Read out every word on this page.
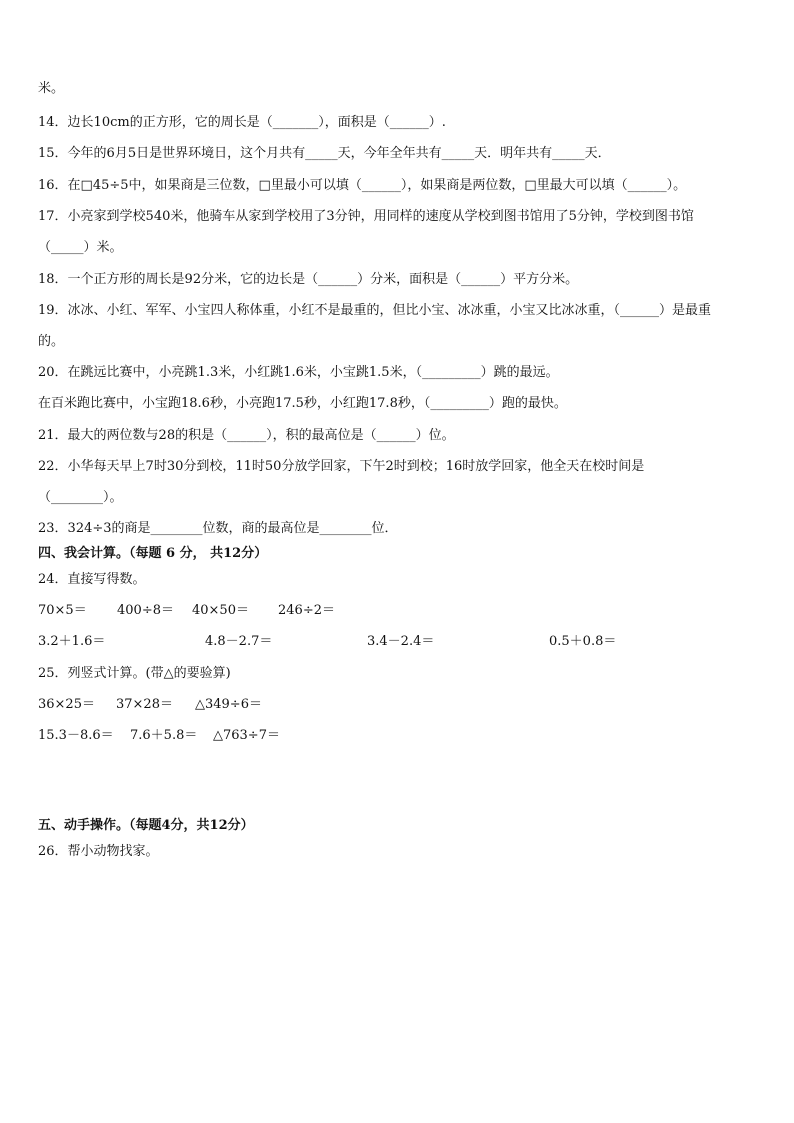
米。
14．边长10cm的正方形，它的周长是（_______），面积是（______）.
15．今年的6月5日是世界环境日，这个月共有_____天，今年全年共有_____天．明年共有_____天．
16．在□45÷5中，如果商是三位数，□里最小可以填（______），如果商是两位数，□里最大可以填（______）。
17．小亮家到学校540米，他骑车从家到学校用了3分钟，用同样的速度从学校到图书馆用了5分钟，学校到图书馆
（_____）米。
18．一个正方形的周长是92分米，它的边长是（______）分米，面积是（______）平方分米。
19．冰冰、小红、军军、小宝四人称体重，小红不是最重的，但比小宝、冰冰重，小宝又比冰冰重，（______）是最重
的。
20．在跳远比赛中，小亮跳1.3米，小红跳1.6米，小宝跳1.5米，（_________）跳的最远。
在百米跑比赛中，小宝跑18.6秒，小亮跑17.5秒，小红跑17.8秒，（_________）跑的最快。
21．最大的两位数与28的积是（______），积的最高位是（______）位。
22．小华每天早上7时30分到校，11时50分放学回家，下午2时到校；16时放学回家，他全天在校时间是
（________）。
23．324÷3的商是________位数，商的最高位是________位．
四、我会计算。（每题 6 分， 共12分）
24．直接写得数。
70×5＝ 400÷8＝ 40×50＝ 246÷2＝
3.2＋1.6＝	4.8－2.7＝	3.4－2.4＝	0.5＋0.8＝
25．列竖式计算。(带△的要验算)
36×25＝ 37×28＝ △349÷6＝
15.3－8.6＝ 7.6＋5.8＝ △763÷7＝
五、动手操作。（每题4分，共12分）
26．帮小动物找家。
